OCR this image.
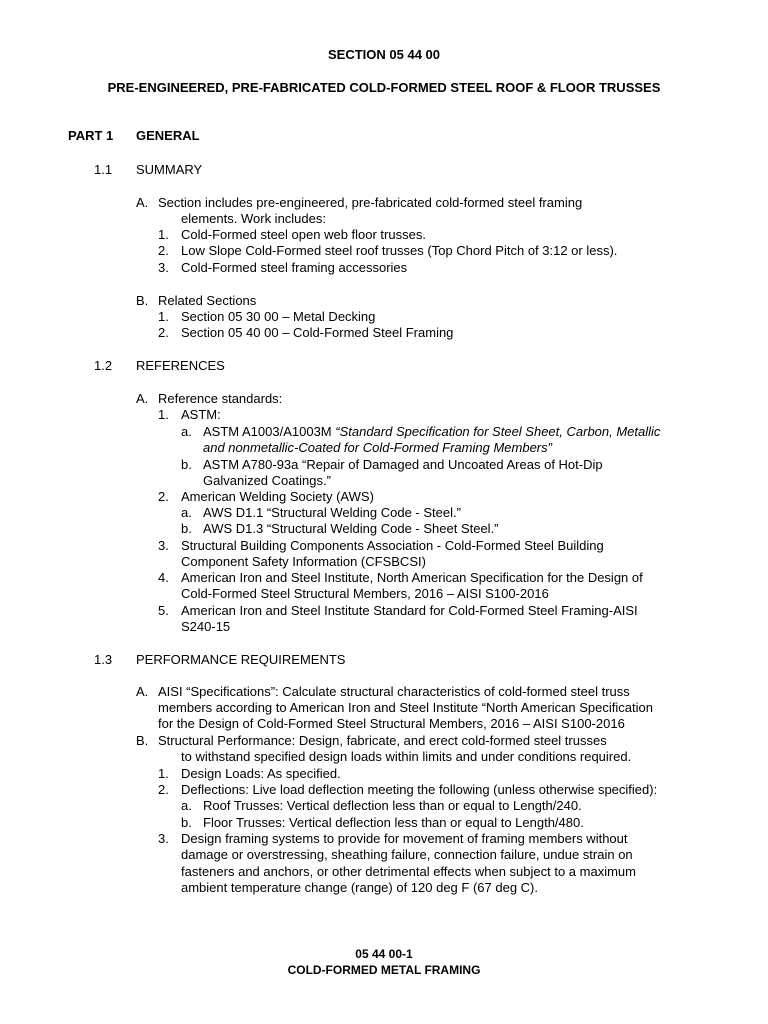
SECTION 05 44 00
PRE-ENGINEERED, PRE-FABRICATED COLD-FORMED STEEL ROOF & FLOOR TRUSSES
PART 1 GENERAL
1.1 SUMMARY
A. Section includes pre-engineered, pre-fabricated cold-formed steel framing
elements. Work includes:
1. Cold-Formed steel open web floor trusses.
2. Low Slope Cold-Formed steel roof trusses (Top Chord Pitch of 3:12 or less).
3. Cold-Formed steel framing accessories
B. Related Sections
1. Section 05 30 00 – Metal Decking
2. Section 05 40 00 – Cold-Formed Steel Framing
1.2 REFERENCES
A. Reference standards:
1. ASTM:
a. ASTM A1003/A1003M “Standard Specification for Steel Sheet, Carbon, Metallic
and nonmetallic-Coated for Cold-Formed Framing Members”
b. ASTM A780-93a “Repair of Damaged and Uncoated Areas of Hot-Dip
Galvanized Coatings.”
2. American Welding Society (AWS)
a. AWS D1.1 “Structural Welding Code - Steel.”
b. AWS D1.3 “Structural Welding Code - Sheet Steel.”
3. Structural Building Components Association - Cold-Formed Steel Building
Component Safety Information (CFSBCSI)
4. American Iron and Steel Institute, North American Specification for the Design of
Cold-Formed Steel Structural Members, 2016 – AISI S100-2016
5. American Iron and Steel Institute Standard for Cold-Formed Steel Framing-AISI
S240-15
1.3 PERFORMANCE REQUIREMENTS
A. AISI “Specifications”: Calculate structural characteristics of cold-formed steel truss
members according to American Iron and Steel Institute “North American Specification
for the Design of Cold-Formed Steel Structural Members, 2016 – AISI S100-2016
B. Structural Performance: Design, fabricate, and erect cold-formed steel trusses
to withstand specified design loads within limits and under conditions required.
1. Design Loads: As specified.
2. Deflections: Live load deflection meeting the following (unless otherwise specified):
a. Roof Trusses: Vertical deflection less than or equal to Length/240.
b. Floor Trusses: Vertical deflection less than or equal to Length/480.
3. Design framing systems to provide for movement of framing members without
damage or overstressing, sheathing failure, connection failure, undue strain on
fasteners and anchors, or other detrimental effects when subject to a maximum
ambient temperature change (range) of 120 deg F (67 deg C).
05 44 00-1
COLD-FORMED METAL FRAMING
